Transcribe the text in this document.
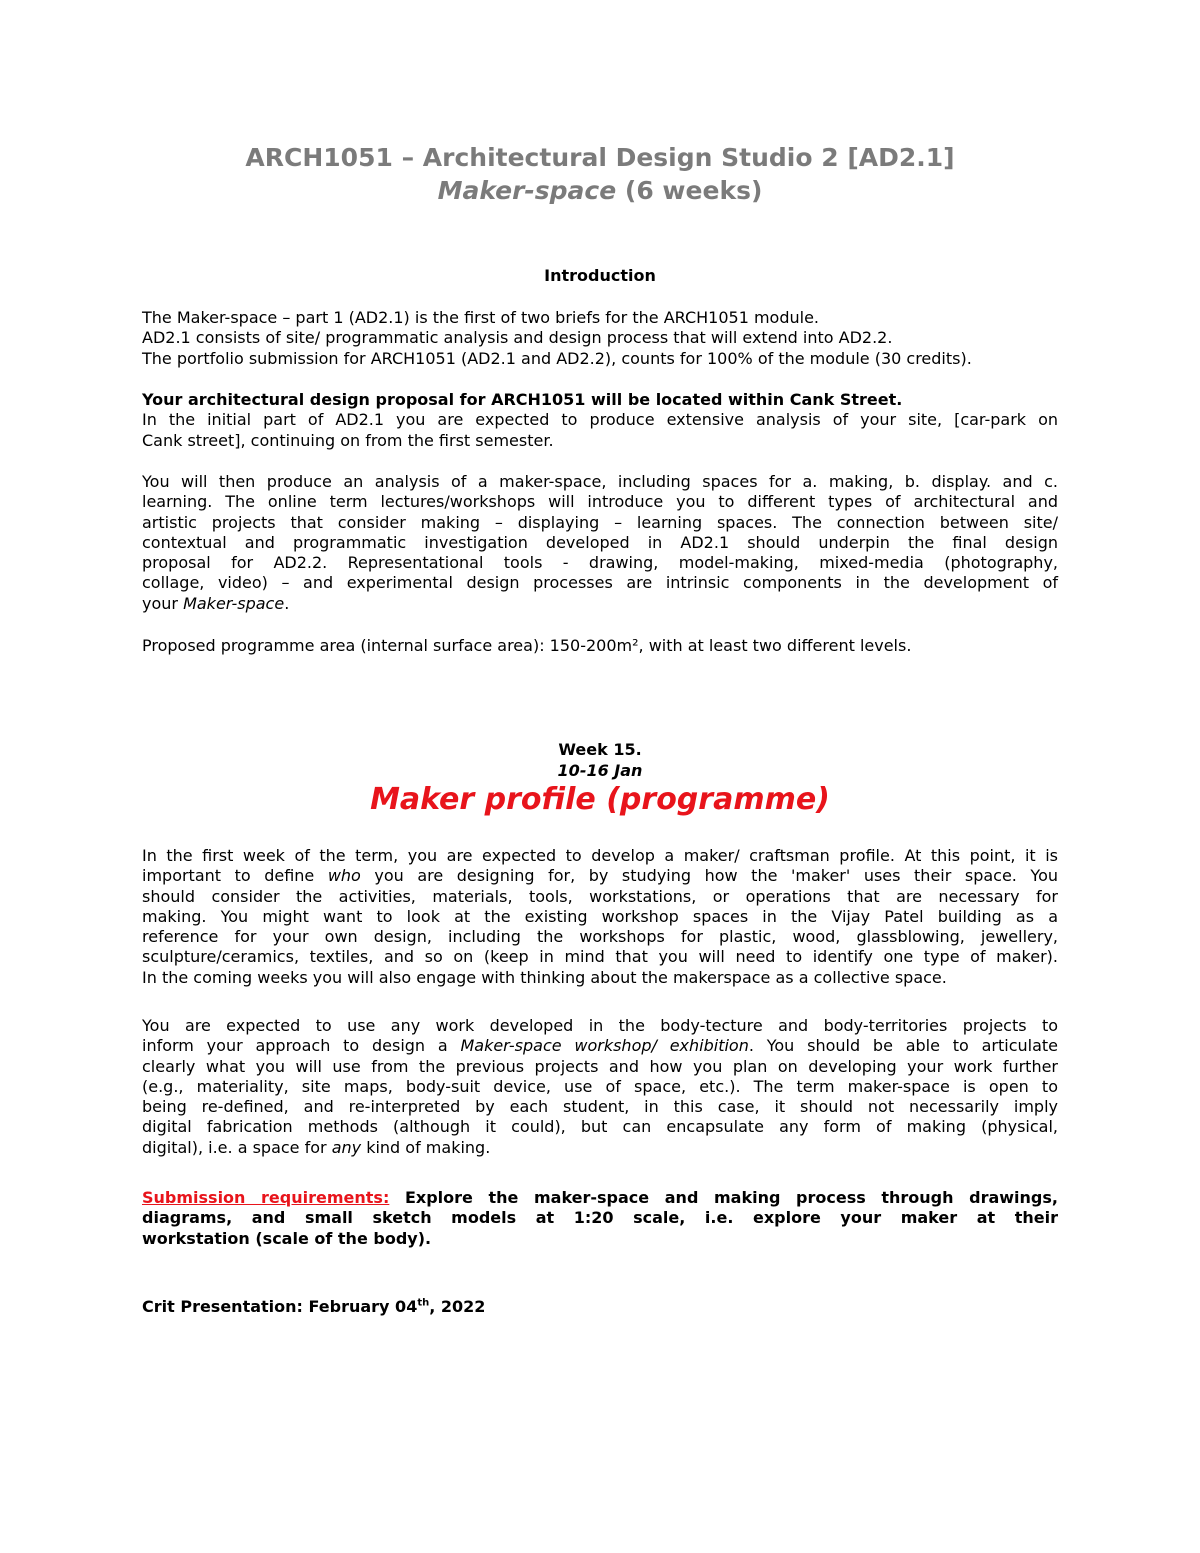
ARCH1051 – Architectural Design Studio 2 [AD2.1]
Maker-space (6 weeks)
Introduction
The Maker-space – part 1 (AD2.1) is the first of two briefs for the ARCH1051 module.
AD2.1 consists of site/ programmatic analysis and design process that will extend into AD2.2.
The portfolio submission for ARCH1051 (AD2.1 and AD2.2), counts for 100% of the module (30 credits).
Your architectural design proposal for ARCH1051 will be located within Cank Street.
In the initial part of AD2.1 you are expected to produce extensive analysis of your site, [car-park on
Cank street], continuing on from the first semester.
You will then produce an analysis of a maker-space, including spaces for a. making, b. display. and c.
learning. The online term lectures/workshops will introduce you to different types of architectural and
artistic projects that consider making – displaying – learning spaces. The connection between site/
contextual and programmatic investigation developed in AD2.1 should underpin the final design
proposal for AD2.2. Representational tools - drawing, model-making, mixed-media (photography,
collage, video) – and experimental design processes are intrinsic components in the development of
your Maker-space.
Proposed programme area (internal surface area): 150-200m², with at least two different levels.
Week 15.
10-16 Jan
Maker profile (programme)
In the first week of the term, you are expected to develop a maker/ craftsman profile. At this point, it is
important to define who you are designing for, by studying how the 'maker' uses their space. You
should consider the activities, materials, tools, workstations, or operations that are necessary for
making. You might want to look at the existing workshop spaces in the Vijay Patel building as a
reference for your own design, including the workshops for plastic, wood, glassblowing, jewellery,
sculpture/ceramics, textiles, and so on (keep in mind that you will need to identify one type of maker).
In the coming weeks you will also engage with thinking about the makerspace as a collective space.
You are expected to use any work developed in the body-tecture and body-territories projects to
inform your approach to design a Maker-space workshop/ exhibition. You should be able to articulate
clearly what you will use from the previous projects and how you plan on developing your work further
(e.g., materiality, site maps, body-suit device, use of space, etc.). The term maker-space is open to
being re-defined, and re-interpreted by each student, in this case, it should not necessarily imply
digital fabrication methods (although it could), but can encapsulate any form of making (physical,
digital), i.e. a space for any kind of making.
Submission requirements: Explore the maker-space and making process through drawings,
diagrams, and small sketch models at 1:20 scale, i.e. explore your maker at their
workstation (scale of the body).
Crit Presentation: February 04th, 2022
